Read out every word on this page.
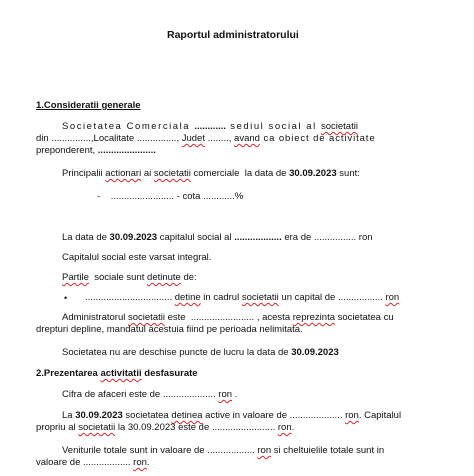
Raportul administratorului
1.Consideratii generale
Societatea Comerciala ............ sediul social al societatii
din ...............,Localitate ..............., Judet ........, avand ca obiect de activitate
preponderent, ......................
Principalii actionari ai societatii comerciale  la data de 30.09.2023 sunt:
-    ........................ - cota ............%
La data de 30.09.2023 capitalul social al .................. era de ................ ron
Capitalul social este varsat integral.
Partile  sociale sunt detinute de:
• ................................. detine in cadrul societatii un capital de ................. ron
Administratorul societatii este  ........................ , acesta reprezinta societatea cu
drepturi depline, mandatul acestuia fiind pe perioada nelimitata.
Societatea nu are deschise puncte de lucru la data de 30.09.2023
2.Prezentarea activitatii desfasurate
Cifra de afaceri este de .................... ron .
La 30.09.2023 societatea detinea active in valoare de .................... ron. Capitalul
propriu al societatii la 30.09.2023 este de ........................ ron.
Veniturile totale sunt in valoare de .................. ron si cheltuielile totale sunt in
valoare de .................. ron.
